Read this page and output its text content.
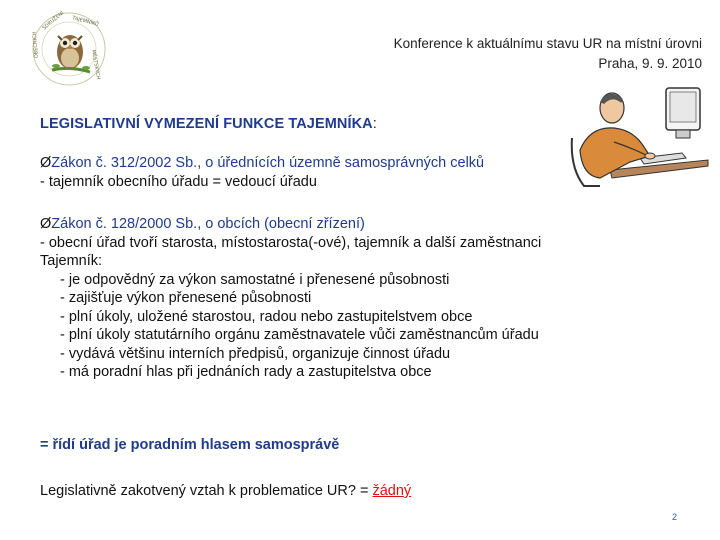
SDRUŽENÍ TAJEMNÍKŮ
MĚSTSKÝCH
OBECNÍCH	Konference k aktuálnímu stavu UR na místní úrovni
Praha, 9. 9. 2010
LEGISLATIVNÍ VYMEZENÍ FUNKCE TAJEMNÍKA:
ØZákon č. 312/2002 Sb., o úřednících územně samosprávných celků
- tajemník obecního úřadu = vedoucí úřadu
ØZákon č. 128/2000 Sb., o obcích (obecní zřízení)
- obecní úřad tvoří starosta, místostarosta(-ové), tajemník a další zaměstnanci
Tajemník:
- je odpovědný za výkon samostatné i přenesené působnosti
- zajišťuje výkon přenesené působnosti
- plní úkoly, uložené starostou, radou nebo zastupitelstvem obce
- plní úkoly statutárního orgánu zaměstnavatele vůči zaměstnancům úřadu
- vydává většinu interních předpisů, organizuje činnost úřadu
- má poradní hlas při jednáních rady a zastupitelstva obce
= řídí úřad je poradním hlasem samosprávě
Legislativně zakotvený vztah k problematice UR? = žádný
2
